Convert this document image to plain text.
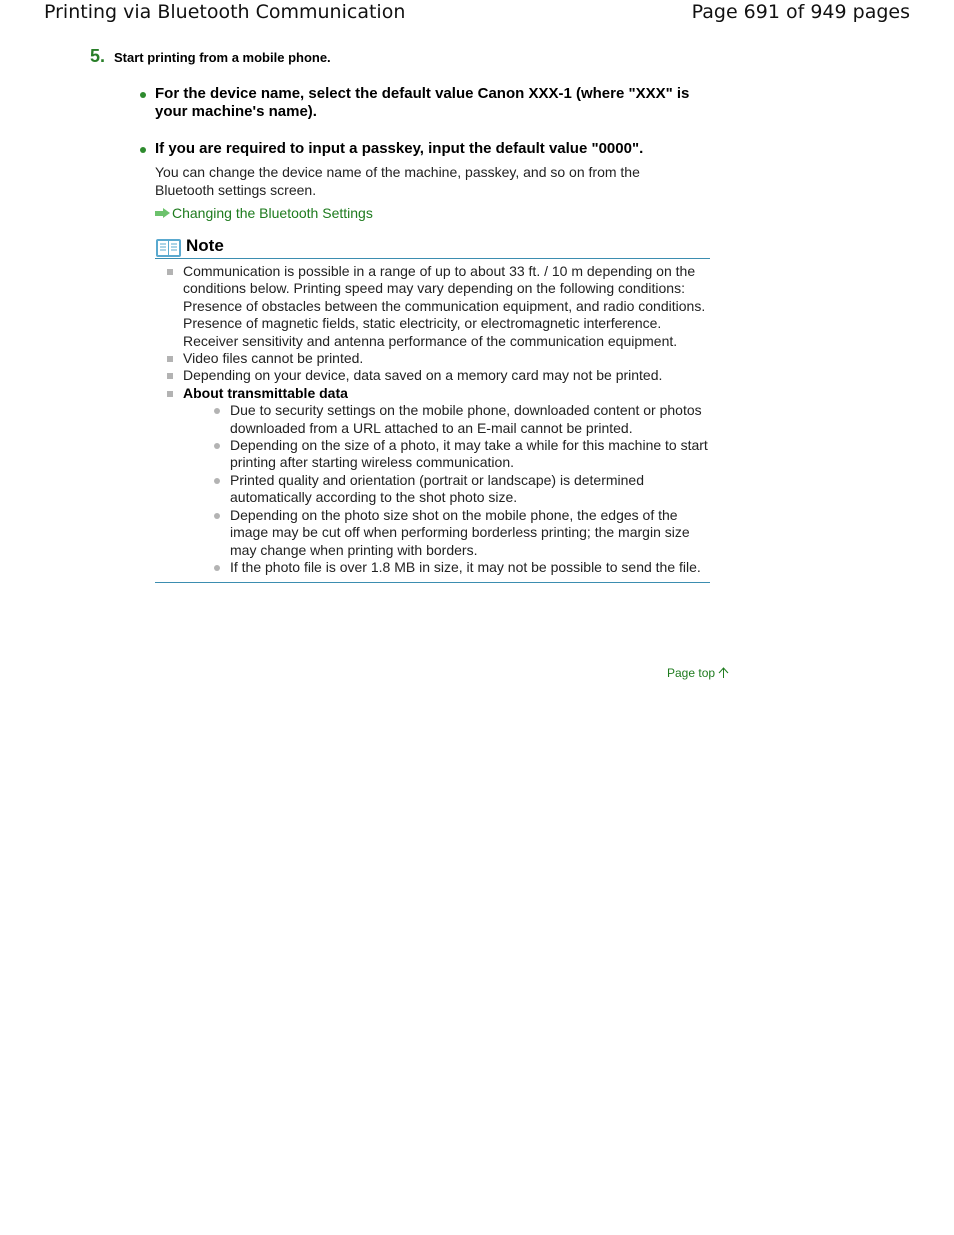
Printing via Bluetooth Communication	Page 691 of 949 pages
5. Start printing from a mobile phone.
For the device name, select the default value Canon XXX-1 (where "XXX" is your machine's name).
If you are required to input a passkey, input the default value "0000".
You can change the device name of the machine, passkey, and so on from the Bluetooth settings screen.
Changing the Bluetooth Settings
Note
Communication is possible in a range of up to about 33 ft. / 10 m depending on the conditions below. Printing speed may vary depending on the following conditions:
Presence of obstacles between the communication equipment, and radio conditions.
Presence of magnetic fields, static electricity, or electromagnetic interference.
Receiver sensitivity and antenna performance of the communication equipment.
Video files cannot be printed.
Depending on your device, data saved on a memory card may not be printed.
About transmittable data
Due to security settings on the mobile phone, downloaded content or photos downloaded from a URL attached to an E-mail cannot be printed.
Depending on the size of a photo, it may take a while for this machine to start printing after starting wireless communication.
Printed quality and orientation (portrait or landscape) is determined automatically according to the shot photo size.
Depending on the photo size shot on the mobile phone, the edges of the image may be cut off when performing borderless printing; the margin size may change when printing with borders.
If the photo file is over 1.8 MB in size, it may not be possible to send the file.
Page top
